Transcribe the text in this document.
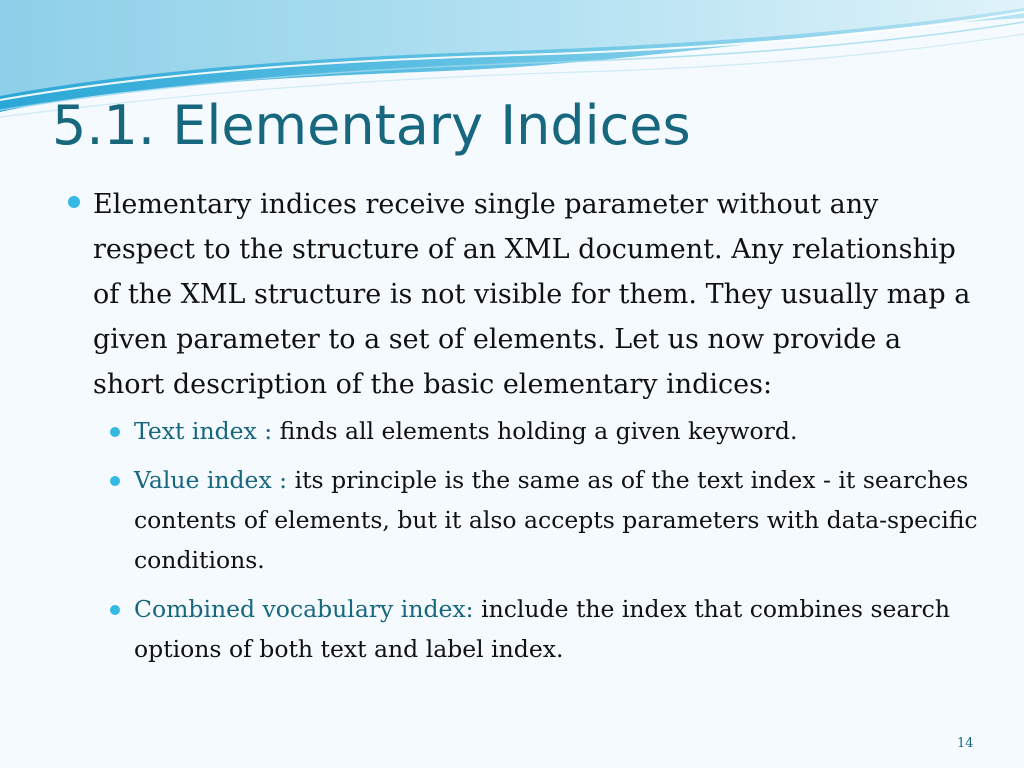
5.1. Elementary Indices
Elementary indices receive single parameter without any respect to the structure of an XML document. Any relationship of the XML structure is not visible for them. They usually map a given parameter to a set of elements. Let us now provide a short description of the basic elementary indices:
Text index : finds all elements holding a given keyword.
Value index : its principle is the same as of the text index - it searches contents of elements, but it also accepts parameters with data-specific conditions.
Combined vocabulary index: include the index that combines search options of both text and label index.
14
